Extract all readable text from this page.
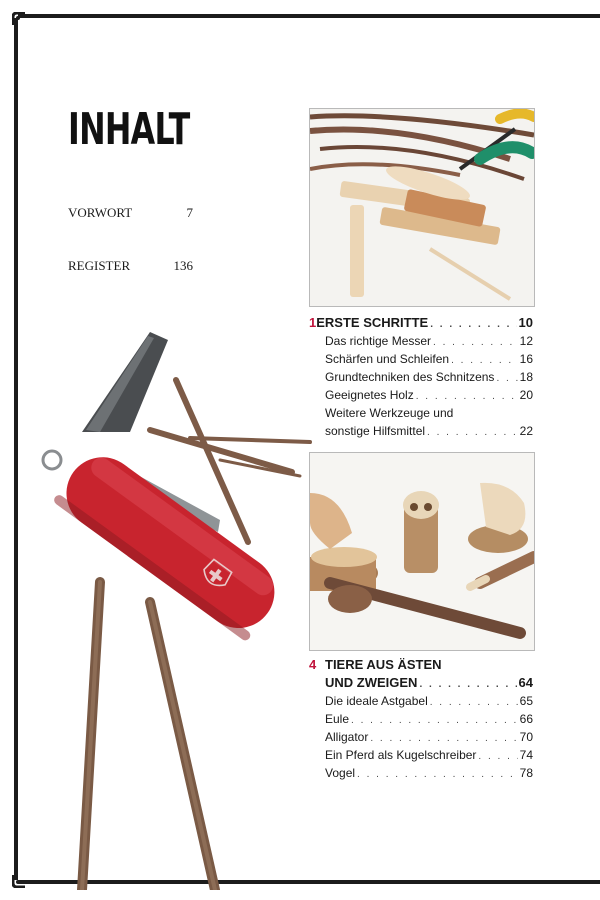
INHALT
VORWORT	7
REGISTER	136
1 ERSTE SCHRITTE . . .	10
Das richtige Messer . . .	12
Schärfen und Schleifen . . .	16
Grundtechniken des Schnitzens . . . 18
Geeignetes Holz . . .	20
Weitere Werkzeuge und
sonstige Hilfsmittel . . .	22
4 TIERE AUS ÄSTEN
UND ZWEIGEN . . .	64
Die ideale Astgabel . . .	65
Eule . . .	66
Alligator . . .	70
Ein Pferd als Kugelschreiber . . .	74
Vogel . . .	78
